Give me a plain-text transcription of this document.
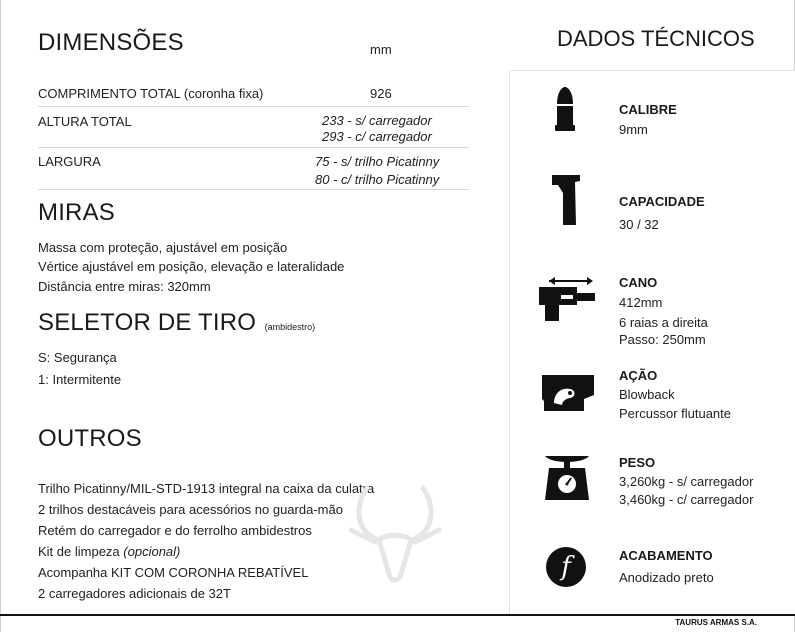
DIMENSÕES	mm
COMPRIMENTO TOTAL (coronha fixa)	926
ALTURA TOTAL	233 - s/ carregador
293 - c/ carregador
LARGURA	75 - s/ trilho Picatinny
80 - c/ trilho Picatinny
MIRAS
Massa com proteção, ajustável em posição
Vértice ajustável em posição, elevação e lateralidade
Distância entre miras: 320mm
SELETOR DE TIRO (ambidestro)
S: Segurança
1: Intermitente
OUTROS
Trilho Picatinny/MIL-STD-1913 integral na caixa da culatra
2 trilhos destacáveis para acessórios no guarda-mão
Retém do carregador e do ferrolho ambidestros
Kit de limpeza (opcional)
Acompanha KIT COM CORONHA REBATÍVEL
2 carregadores adicionais de 32T
DADOS TÉCNICOS
CALIBRE
9mm
CAPACIDADE
30 / 32
CANO
412mm
6 raias a direita
Passo: 250mm
AÇÃO
Blowback
Percussor flutuante
PESO
3,260kg - s/ carregador
3,460kg - c/ carregador
f	ACABAMENTO
Anodizado preto
TAURUS ARMAS S.A.
